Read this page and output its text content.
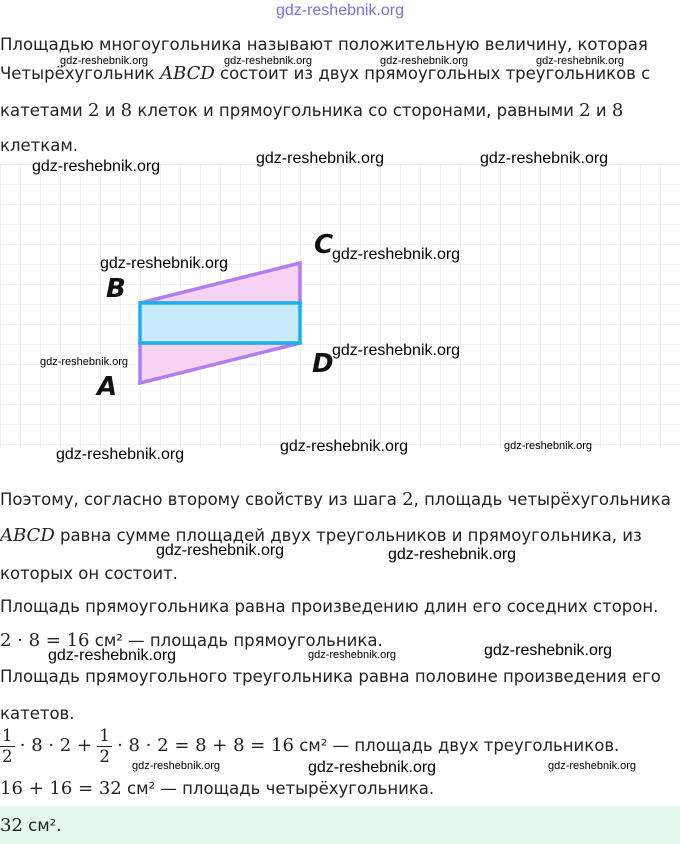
gdz-reshebnik.org
Площадью многоугольника называют положительную величину, которая
Четырёхугольник ABCD состоит из двух прямоугольных треугольников с
катетами 2 и 8 клеток и прямоугольника со сторонами, равными 2 и 8
клеткам.
B
C
D
A
Поэтому, согласно второму свойству из шага 2, площадь четырёхугольника
ABCD равна сумме площадей двух треугольников и прямоугольника, из
которых он состоит.
Площадь прямоугольника равна произведению длин его соседних сторон.
2 · 8 = 16 см² — площадь прямоугольника.
Площадь прямоугольного треугольника равна половине произведения его
катетов.
$\frac{1}{2} \cdot 8 \cdot 2 + \frac{1}{2} \cdot 8 \cdot 2 = 8 + 8 = 16$ см² — площадь двух треугольников.
16 + 16 = 32 см² — площадь четырёхугольника.
32 см².
gdz-reshebnik.org	gdz-reshebnik.org	gdz-reshebnik.org	gdz-reshebnik.org
gdz-reshebnik.org	gdz-reshebnik.org	gdz-reshebnik.org
gdz-reshebnik.org
gdz-reshebnik.org
gdz-reshebnik.org
gdz-reshebnik.org
gdz-reshebnik.org	gdz-reshebnik.org	gdz-reshebnik.org
gdz-reshebnik.org	gdz-reshebnik.org
gdz-reshebnik.org	gdz-reshebnik.org	gdz-reshebnik.org
gdz-reshebnik.org	gdz-reshebnik.org	gdz-reshebnik.org
